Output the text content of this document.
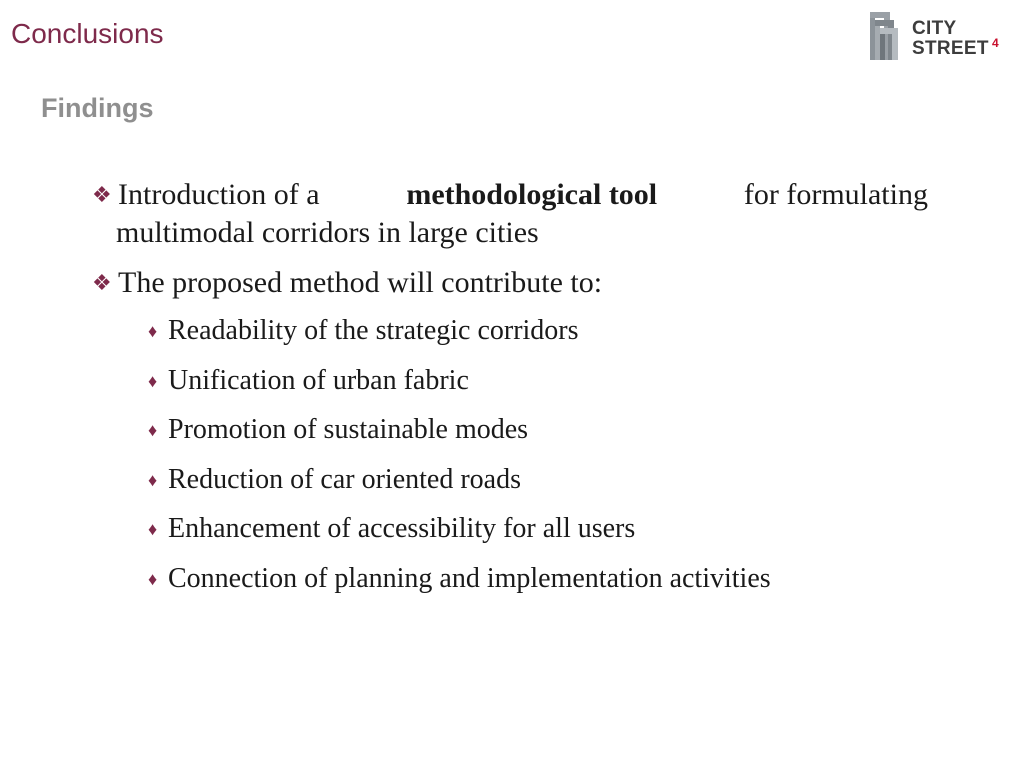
Conclusions
Findings
CITY
STREET 4
❖ Introduction of a	methodological tool	for formulating
multimodal corridors in large cities
❖ The proposed method will contribute to:
♦ Readability of the strategic corridors
♦ Unification of urban fabric
♦ Promotion of sustainable modes
♦ Reduction of car oriented roads
♦ Enhancement of accessibility for all users
♦ Connection of planning and implementation activities
